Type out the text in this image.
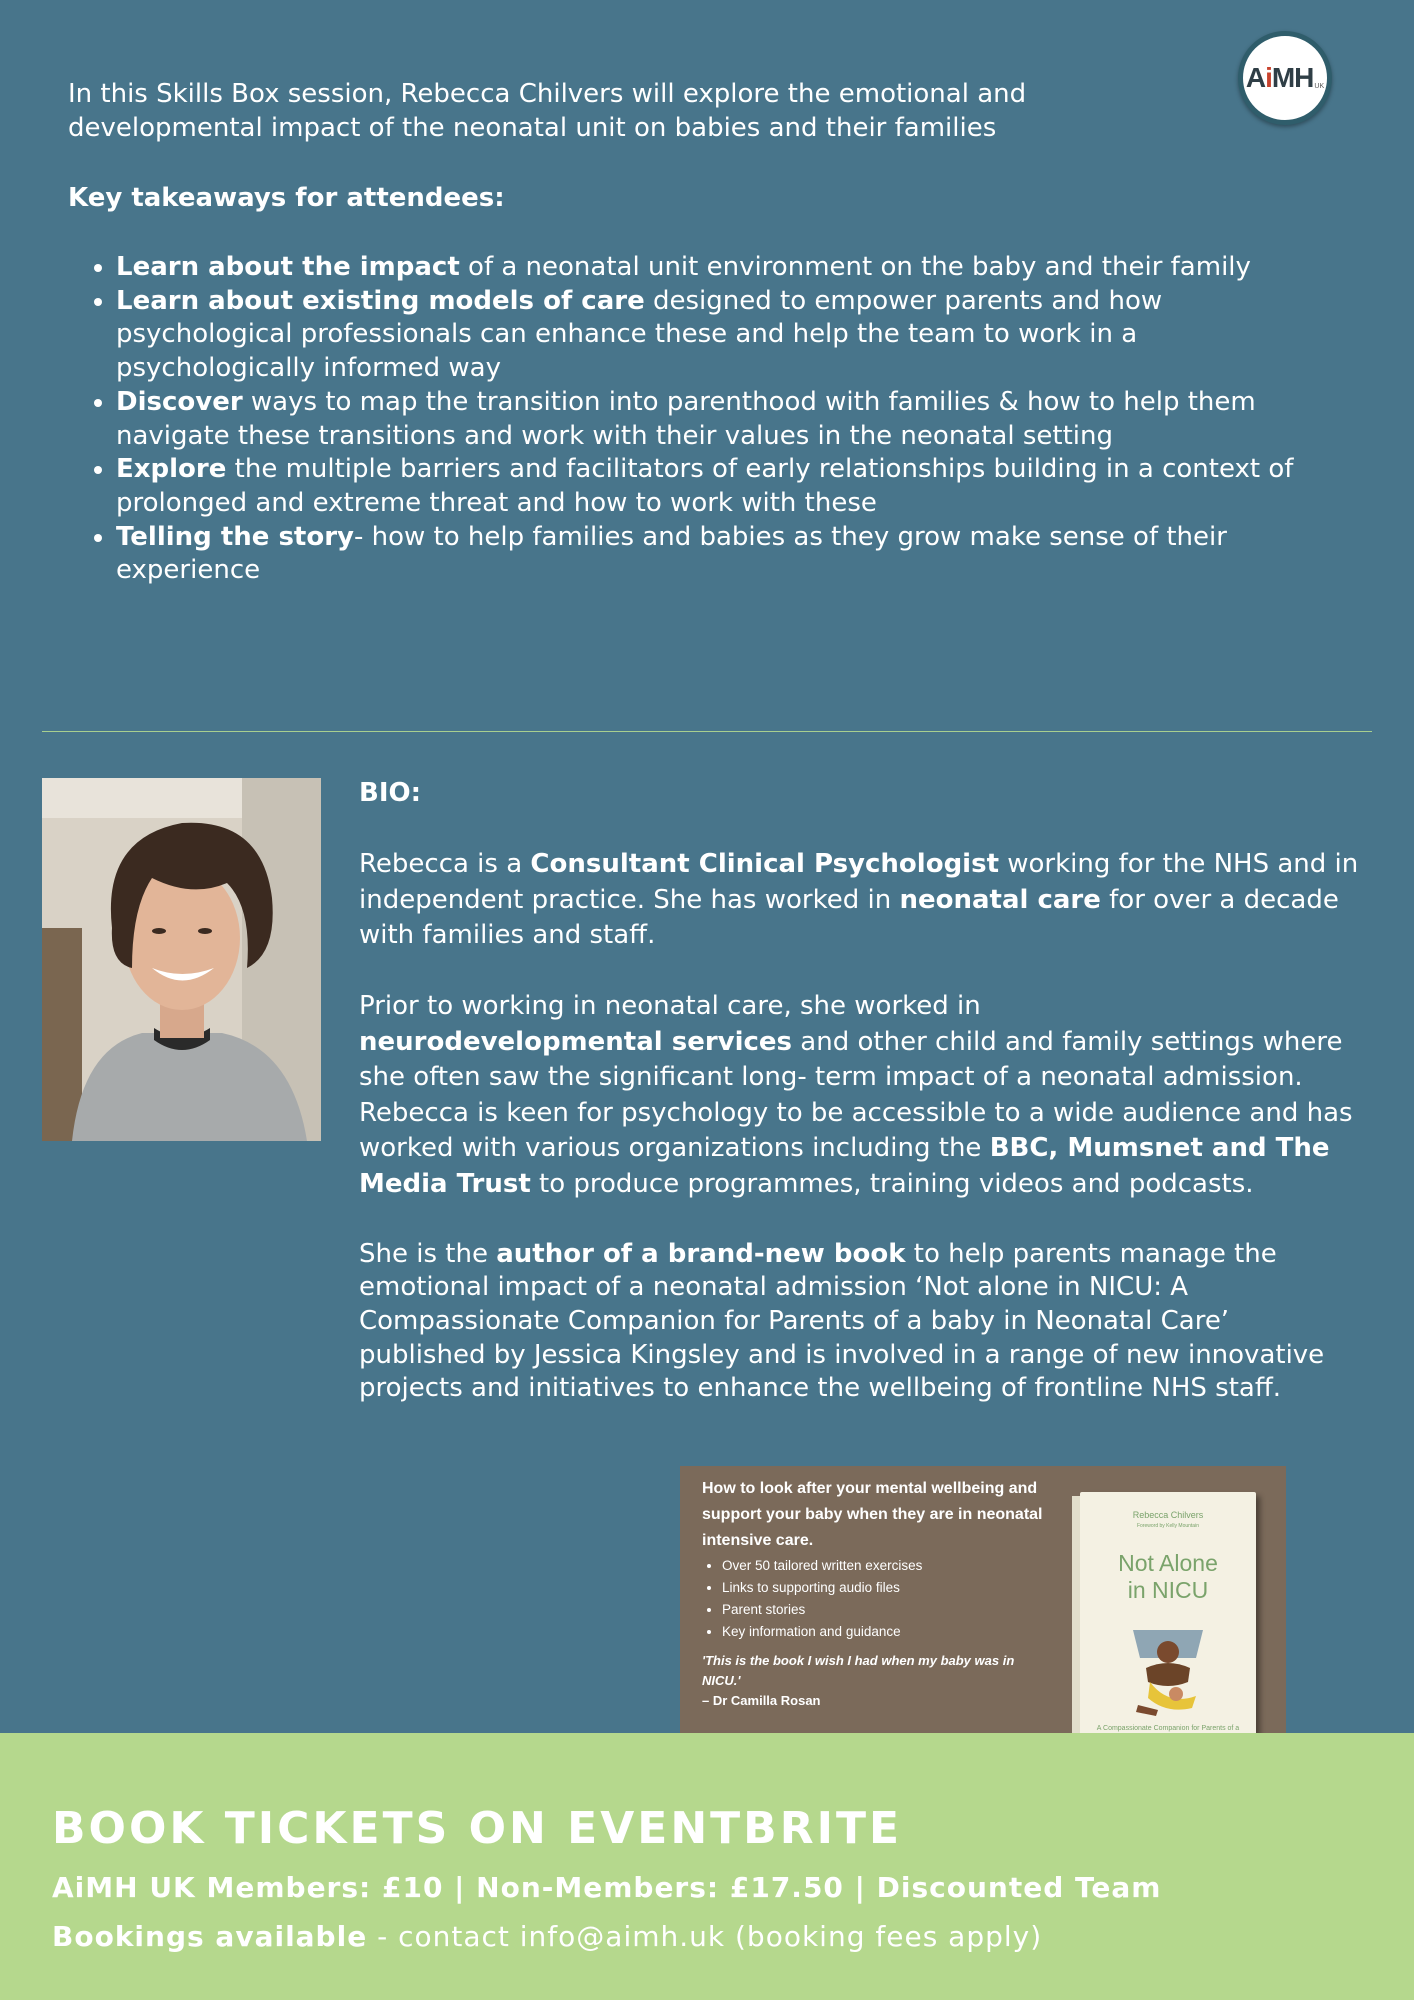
AiMH UK

In this Skills Box session, Rebecca Chilvers will explore the emotional and developmental impact of the neonatal unit on babies and their families

Key takeaways for attendees:

• Learn about the impact of a neonatal unit environment on the baby and their family
• Learn about existing models of care designed to empower parents and how psychological professionals can enhance these and help the team to work in a psychologically informed way
• Discover ways to map the transition into parenthood with families & how to help them navigate these transitions and work with their values in the neonatal setting
• Explore the multiple barriers and facilitators of early relationships building in a context of prolonged and extreme threat and how to work with these
• Telling the story- how to help families and babies as they grow make sense of their experience

BIO:

Rebecca is a Consultant Clinical Psychologist working for the NHS and in independent practice. She has worked in neonatal care for over a decade with families and staff.

Prior to working in neonatal care, she worked in
neurodevelopmental services and other child and family settings where she often saw the significant long- term impact of a neonatal admission. Rebecca is keen for psychology to be accessible to a wide audience and has worked with various organizations including the BBC, Mumsnet and The Media Trust to produce programmes, training videos and podcasts.

She is the author of a brand-new book to help parents manage the emotional impact of a neonatal admission ‘Not alone in NICU: A Compassionate Companion for Parents of a baby in Neonatal Care’ published by Jessica Kingsley and is involved in a range of new innovative projects and initiatives to enhance the wellbeing of frontline NHS staff.

How to look after your mental wellbeing and support your baby when they are in neonatal intensive care.

• Over 50 tailored written exercises
• Links to supporting audio files
• Parent stories
• Key information and guidance

'This is the book I wish I had when my baby was in NICU.'
– Dr Camilla Rosan

Rebecca Chilvers
Foreword by Kelly Mountain
Not Alone
in NICU
A Compassionate Companion for Parents of a

BOOK TICKETS ON EVENTBRITE

AiMH UK Members: £10 | Non-Members: £17.50 | Discounted Team

Bookings available - contact info@aimh.uk (booking fees apply)
